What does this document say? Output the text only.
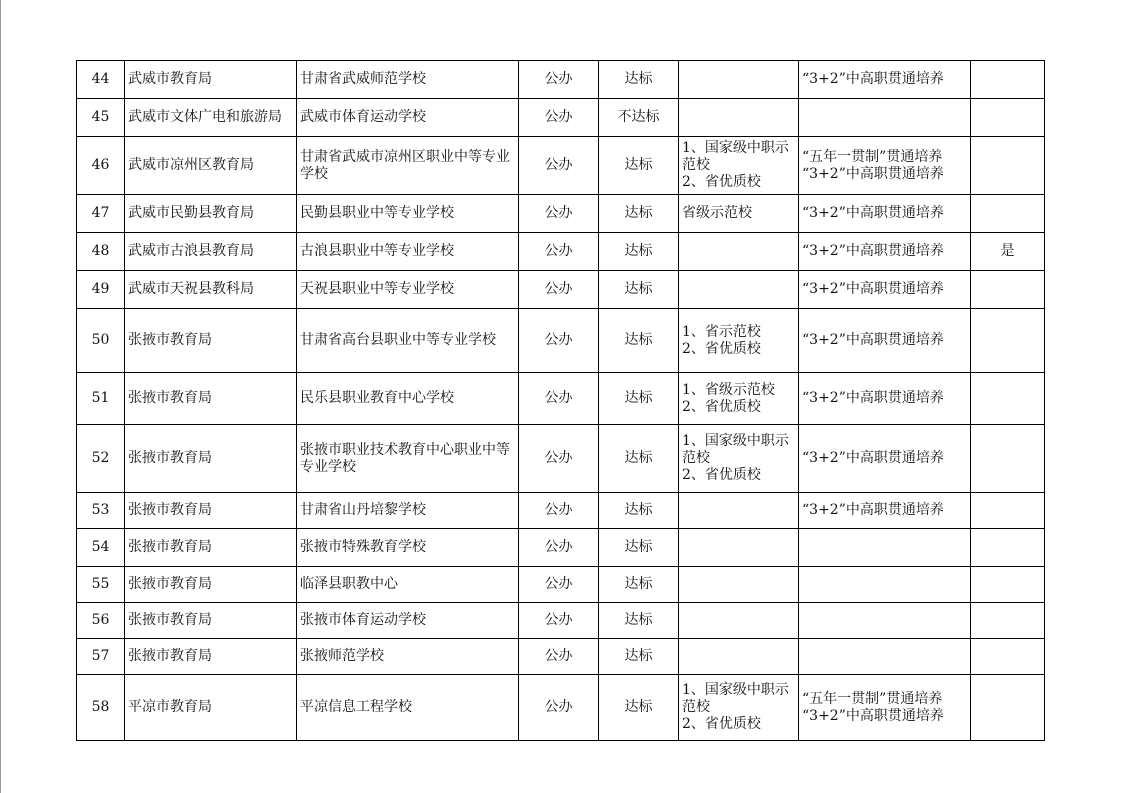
44	武威市教育局	甘肃省武威师范学校	公办	达标		“3+2”中高职贯通培养	
45	武威市文体广电和旅游局	武威市体育运动学校	公办	不达标			
46	武威市凉州区教育局	甘肃省武威市凉州区职业中等专业学校	公办	达标	1、国家级中职示范校
2、省优质校	“五年一贯制”贯通培养
“3+2”中高职贯通培养	
47	武威市民勤县教育局	民勤县职业中等专业学校	公办	达标	省级示范校	“3+2”中高职贯通培养	
48	武威市古浪县教育局	古浪县职业中等专业学校	公办	达标		“3+2”中高职贯通培养	是
49	武威市天祝县教科局	天祝县职业中等专业学校	公办	达标		“3+2”中高职贯通培养	
50	张掖市教育局	甘肃省高台县职业中等专业学校	公办	达标	1、省示范校
2、省优质校	“3+2”中高职贯通培养	
51	张掖市教育局	民乐县职业教育中心学校	公办	达标	1、省级示范校
2、省优质校	“3+2”中高职贯通培养	
52	张掖市教育局	张掖市职业技术教育中心职业中等专业学校	公办	达标	1、国家级中职示范校
2、省优质校	“3+2”中高职贯通培养	
53	张掖市教育局	甘肃省山丹培黎学校	公办	达标		“3+2”中高职贯通培养	
54	张掖市教育局	张掖市特殊教育学校	公办	达标			
55	张掖市教育局	临泽县职教中心	公办	达标			
56	张掖市教育局	张掖市体育运动学校	公办	达标			
57	张掖市教育局	张掖师范学校	公办	达标			
58	平凉市教育局	平凉信息工程学校	公办	达标	1、国家级中职示范校
2、省优质校	“五年一贯制”贯通培养
“3+2”中高职贯通培养	
